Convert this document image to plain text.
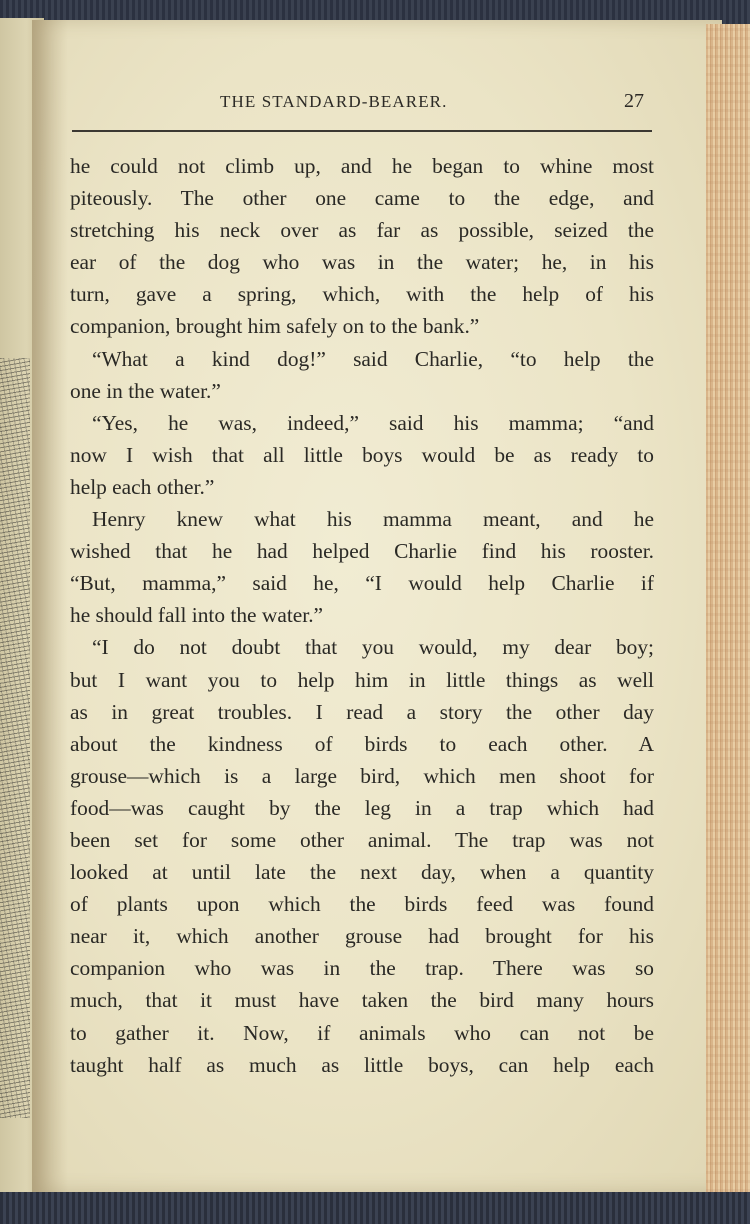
THE STANDARD-BEARER.	27
he could not climb up, and he began to whine most
piteously. The other one came to the edge, and
stretching his neck over as far as possible, seized the
ear of the dog who was in the water; he, in his
turn, gave a spring, which, with the help of his
companion, brought him safely on to the bank.”
“What a kind dog!” said Charlie, “to help the
one in the water.”
“Yes, he was, indeed,” said his mamma; “and
now I wish that all little boys would be as ready to
help each other.”
Henry knew what his mamma meant, and he
wished that he had helped Charlie find his rooster.
“But, mamma,” said he, “I would help Charlie if
he should fall into the water.”
“I do not doubt that you would, my dear boy;
but I want you to help him in little things as well
as in great troubles. I read a story the other day
about the kindness of birds to each other. A
grouse—which is a large bird, which men shoot for
food—was caught by the leg in a trap which had
been set for some other animal. The trap was not
looked at until late the next day, when a quantity
of plants upon which the birds feed was found
near it, which another grouse had brought for his
companion who was in the trap. There was so
much, that it must have taken the bird many hours
to gather it. Now, if animals who can not be
taught half as much as little boys, can help each
